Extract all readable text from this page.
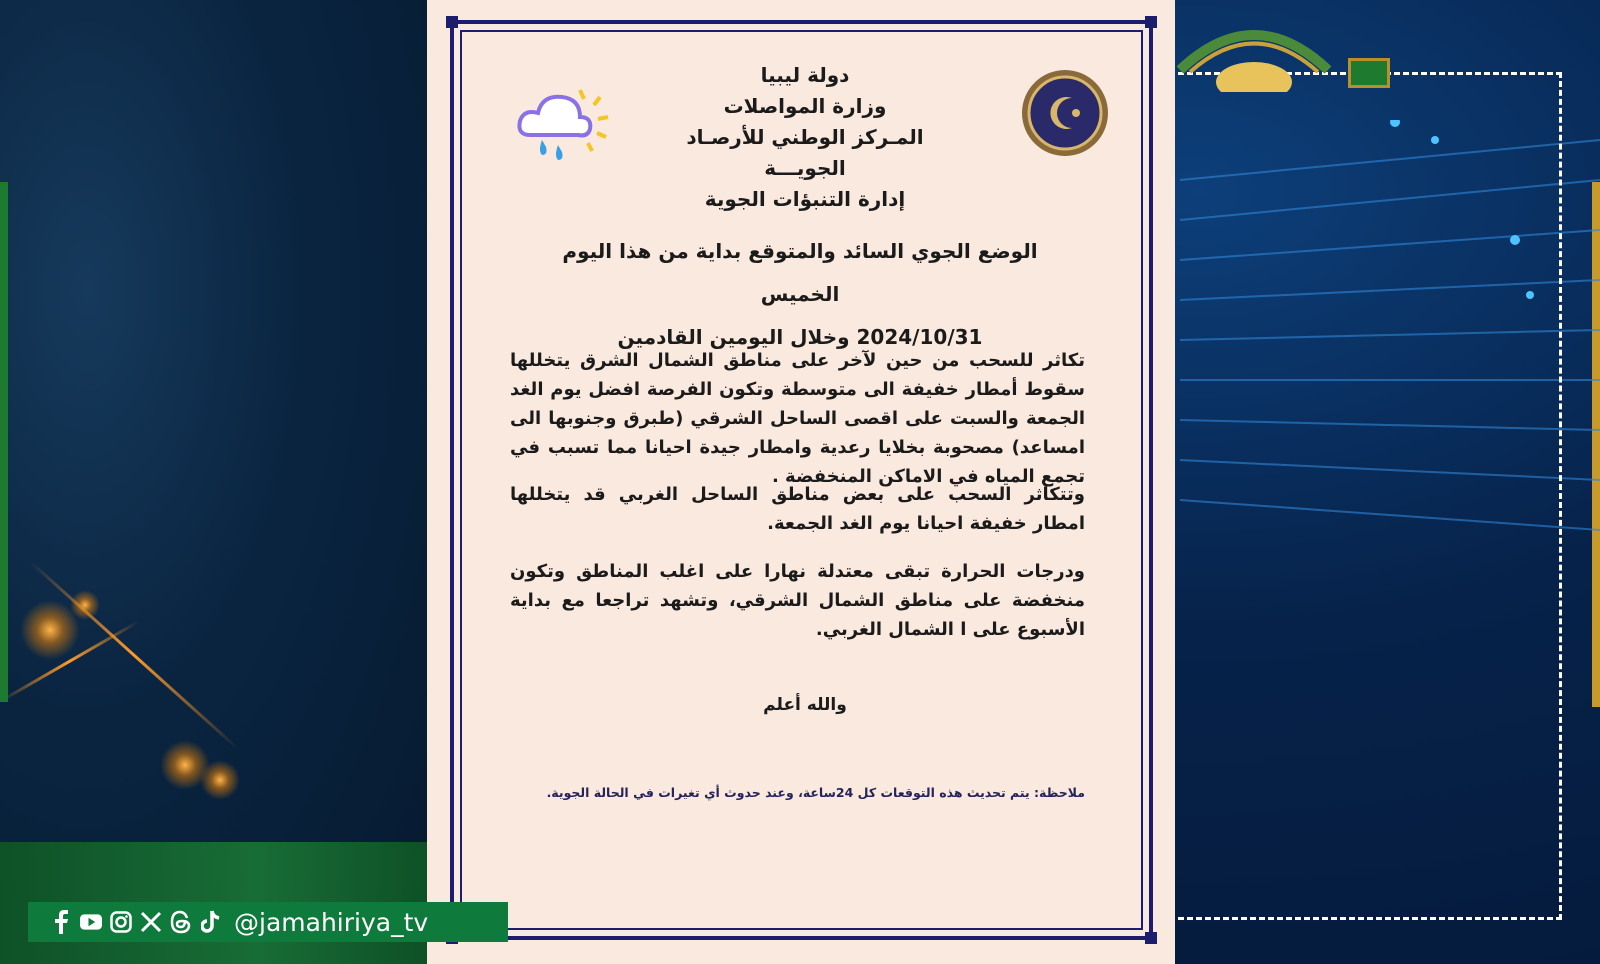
دولة ليبيا
وزارة المواصلات
المـركز الوطني للأرصـاد الجويـــة
إدارة التنبؤات الجوية
الوضع الجوي السائد والمتوقع بداية من هذا اليوم الخميس
2024/10/31 وخلال اليومين القادمين
تكاثر للسحب من حين لآخر على مناطق الشمال الشرق يتخللها سقوط أمطار خفيفة الى متوسطة وتكون الفرصة افضل يوم الغد الجمعة والسبت على اقصى الساحل الشرقي (طبرق وجنوبها الى امساعد) مصحوبة بخلايا رعدية وامطار جيدة احيانا مما تسبب في تجمع المياه في الاماكن المنخفضة .
وتتكاثر السحب على بعض مناطق الساحل الغربي قد يتخللها امطار خفيفة احيانا يوم الغد الجمعة.
ودرجات الحرارة تبقى معتدلة نهارا على اغلب المناطق وتكون منخفضة على مناطق الشمال الشرقي، وتشهد تراجعا مع بداية الأسبوع على ا الشمال الغربي.
والله أعلم
ملاحظة: يتم تحديث هذه التوقعات كل 24ساعة، وعند حدوث أي تغيرات في الحالة الجوية.
@jamahiriya_tv
